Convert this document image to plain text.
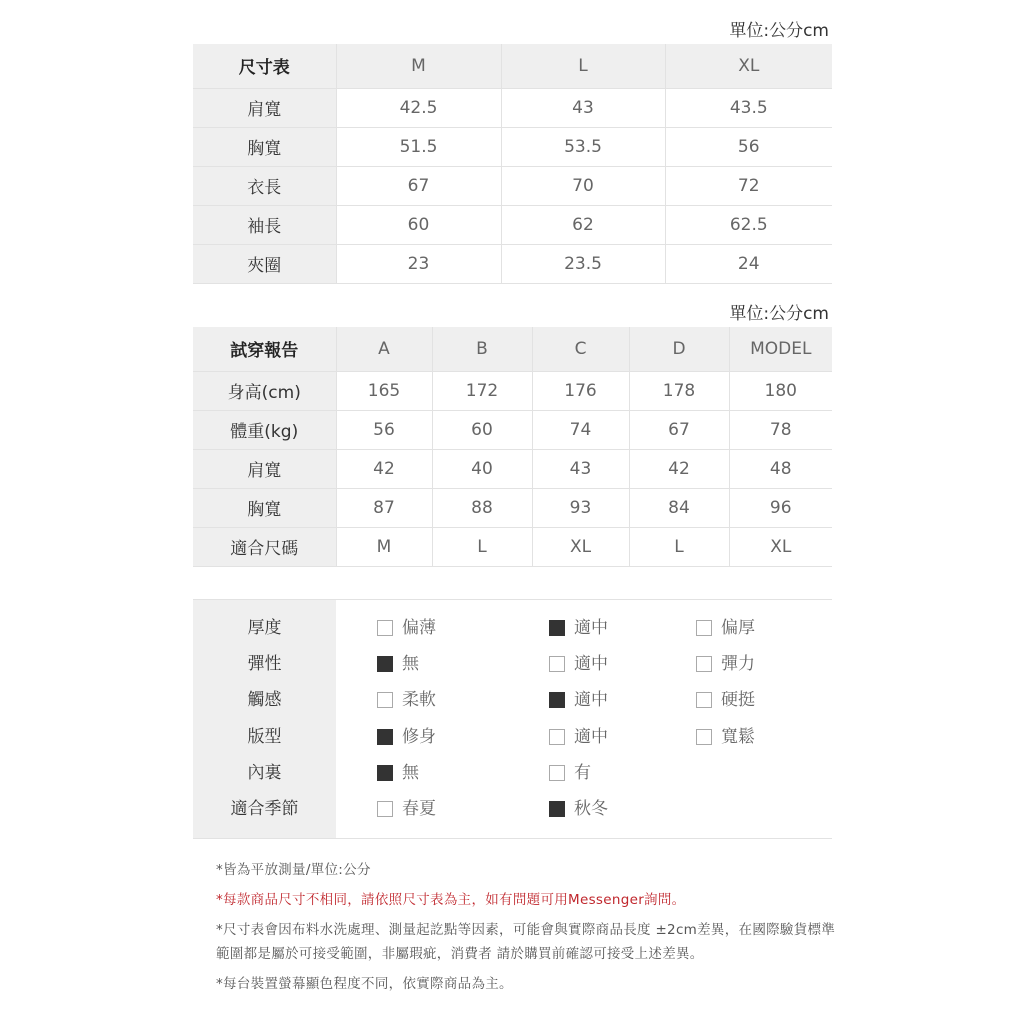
單位:公分cm
尺寸表	M	L	XL
肩寬	42.5	43	43.5
胸寬	51.5	53.5	56
衣長	67	70	72
袖長	60	62	62.5
夾圈	23	23.5	24
單位:公分cm
試穿報告	A	B	C	D	MODEL
身高(cm)	165	172	176	178	180
體重(kg)	56	60	74	67	78
肩寬	42	40	43	42	48
胸寬	87	88	93	84	96
適合尺碼	M	L	XL	L	XL
厚度	偏薄	適中	偏厚
彈性	無	適中	彈力
觸感	柔軟	適中	硬挺
版型	修身	適中	寬鬆
內裏	無	有
適合季節	春夏	秋冬

*皆為平放測量/單位:公分

*每款商品尺寸不相同，請依照尺寸表為主，如有問題可用Messenger詢問。

*尺寸表會因布料水洗處理、測量起訖點等因素，可能會與實際商品長度 ±2cm差異，在國際驗貨標準範圍都是屬於可接受範圍，非屬瑕疵，消費者 請於購買前確認可接受上述差異。

*每台裝置螢幕顯色程度不同，依實際商品為主。
